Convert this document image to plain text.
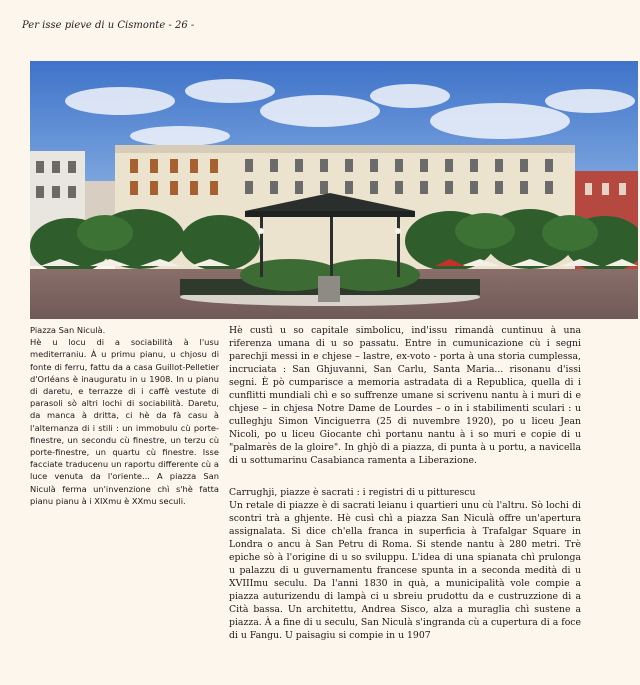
Per isse pieve di u Cismonte - 26 -

Piazza San Niculà.

Hè u locu di a sociabilità à l'usu mediterraniu. À u primu pianu, u chjosu di fonte di ferru, fattu da a casa Guillot-Pelletier d'Orléans è inauguratu in u 1908. In u pianu di daretu, e terrazze di i caffè vestute di parasoli sò altri lochi di sociabilità. Daretu, da manca à dritta, ci hè da fà casu à l'alternanza di i stili : un immobulu cù porte-finestre, un secondu cù finestre, un terzu cù porte-finestre, un quartu cù finestre. Isse facciate traducenu un raportu differente cù a luce venuta da l'oriente... A piazza San Niculà ferma un'invenzione chì s'hè fatta pianu pianu à i XIXmu è XXmu seculi.

Hè custì u so capitale simbolicu, ind'issu rimandà cuntinuu à una riferenza umana di u so passatu. Entre in cumunicazione cù i segni parechji messi in e chjese – lastre, ex-voto - porta à una storia cumplessa, incruciata : San Ghjuvanni, San Carlu, Santa Maria... risonanu d'issi segni. È pò cumparisce a memoria astradata di a Republica, quella di i cunflitti mundiali chì e so suffrenze umane si scrivenu nantu à i muri di e chjese – in chjesa Notre Dame de Lourdes – o in i stabilimenti sculari : u culleghju Simon Vincigueтra (25 di nuvembre 1920), po u liceu Jean Nicoli, po u liceu Giocante chì portanu nantu à i so muri e copie di u "palmarès de la gloire". In ghjò di a piazza, di punta à u portu, a navicella di u sottumarinu Casabianca ramenta a Liberazione.

Carrughji, piazze è sacrati : i registri di u pitturescu

Un retale di piazze è di sacrati leianu i quartieri unu cù l'altru. Sò lochi di scontri trà a ghjente. Hè cusì chì a piazza San Niculà offre un'apertura assignalata. Si dice ch'ella franca in superficia à Trafalgar Square in Londra o ancu à San Petru di Roma. Si stende nantu à 280 metri. Trè epiche sò à l'origine di u so sviluppu. L'idea di una spianata chì prulonga u palazzu di u guvernamentu francese spunta in a seconda medità di u XVIIImu seculu. Da l'anni 1830 in quà, a municipalità vole compie a piazza auturizendu di lampà ci u sbreiu prudottu da e custruzzione di a Cità bassa. Un architettu, Andrea Sisco, alza a muraglia chì sustene a piazza. À a fine di u seculu, San Niculà s'ingranda cù a cupertura di a foce di u Fangu. U paisagiu si compie in u 1907
